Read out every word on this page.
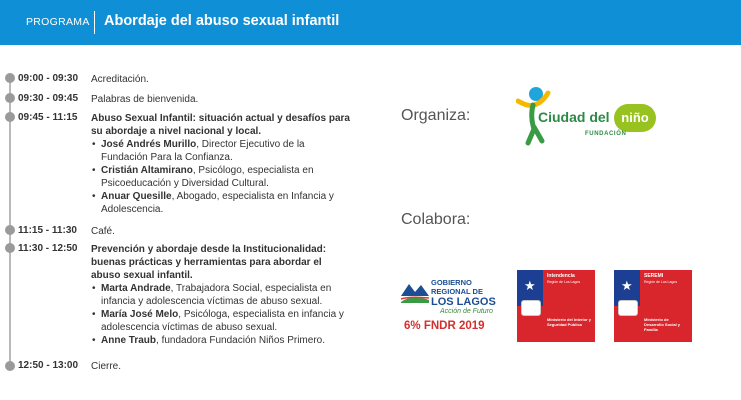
PROGRAMA Abordaje del abuso sexual infantil
09:00 - 09:30 Acreditación.
09:30 - 09:45 Palabras de bienvenida.
09:45 - 11:15 Abuso Sexual Infantil: situación actual y desafíos para su abordaje a nivel nacional y local.
• José Andrés Murillo, Director Ejecutivo de la Fundación Para la Confianza.
• Cristián Altamirano, Psicólogo, especialista en Psicoeducación y Diversidad Cultural.
• Anuar Quesille, Abogado, especialista en Infancia y Adolescencia.
11:15 - 11:30 Café.
11:30 - 12:50 Prevención y abordaje desde la Institucionalidad: buenas prácticas y herramientas para abordar el abuso sexual infantil.
• Marta Andrade, Trabajadora Social, especialista en infancia y adolescencia víctimas de abuso sexual.
• María José Melo, Psicóloga, especialista en infancia y adolescencia víctimas de abuso sexual.
• Anne Traub, fundadora Fundación Niños Primero.
12:50 - 13:00 Cierre.
Organiza:	Ciudad del niño
FUNDACIÓN
Colabora:
GOBIERNO
REGIONAL DE
LOS LAGOS
Acción de Futuro
6% FNDR 2019
★
Intendencia
Región de Los Lagos
Ministerio del Interior y Seguridad Pública
★
SEREMI
Región de Los Lagos
Ministerio de Desarrollo Social y Familia
